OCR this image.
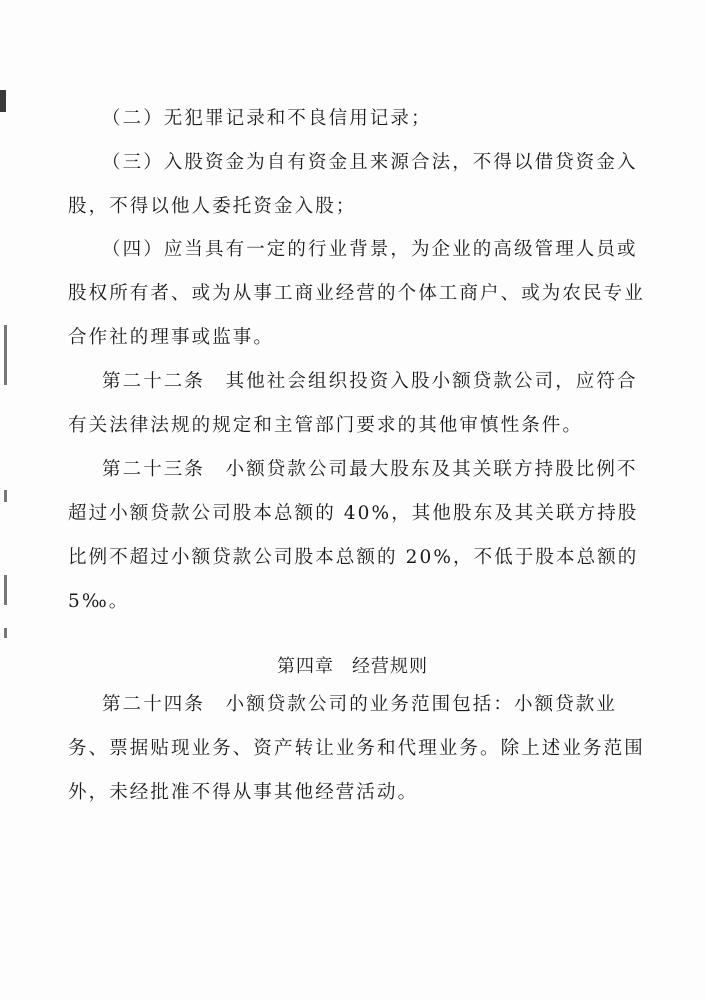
（二）无犯罪记录和不良信用记录；
（三）入股资金为自有资金且来源合法，不得以借贷资金入
股，不得以他人委托资金入股；
（四）应当具有一定的行业背景，为企业的高级管理人员或
股权所有者、或为从事工商业经营的个体工商户、或为农民专业
合作社的理事或监事。
第二十二条　其他社会组织投资入股小额贷款公司，应符合
有关法律法规的规定和主管部门要求的其他审慎性条件。
第二十三条　小额贷款公司最大股东及其关联方持股比例不
超过小额贷款公司股本总额的 40%，其他股东及其关联方持股
比例不超过小额贷款公司股本总额的 20%，不低于股本总额的
5‰。
第四章 经营规则
第二十四条　小额贷款公司的业务范围包括：小额贷款业
务、票据贴现业务、资产转让业务和代理业务。除上述业务范围
外，未经批准不得从事其他经营活动。
